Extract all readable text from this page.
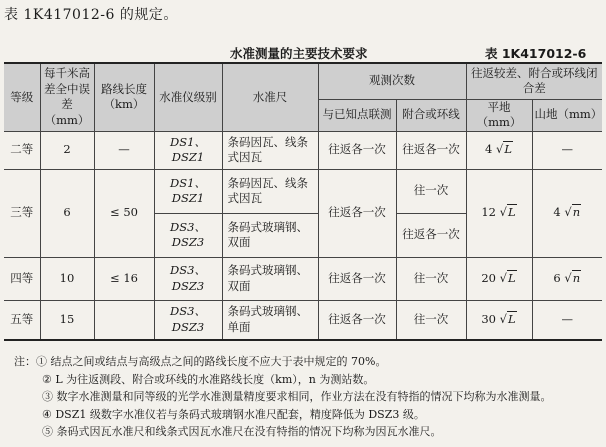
表 1K417012-6 的规定。
水准测量的主要技术要求	表 1K417012-6
等级	每千米高差全中误差（mm）	路线长度（km）	水准仪级别	水准尺	观测次数		往返较差、附合或环线闭合差	
					与已知点联测	附合或环线	平地（mm）	山地（mm）
二等	2	—	DS1、DSZ1	条码因瓦、线条式因瓦	往返各一次	往返各一次	4 √L	—
三等	6	≤ 50	DS1、DSZ1	条码因瓦、线条式因瓦	往返各一次	往一次	12 √L	4 √n
			DS3、DSZ3	条码式玻璃钢、双面		往返各一次		
四等	10	≤ 16	DS3、DSZ3	条码式玻璃钢、双面	往返各一次	往一次	20 √L	6 √n
五等	15		DS3、DSZ3	条码式玻璃钢、单面	往返各一次	往一次	30 √L	—
注：① 结点之间或结点与高级点之间的路线长度不应大于表中规定的 70%。
② L 为往返测段、附合或环线的水准路线长度（km），n 为测站数。
③ 数字水准测量和同等级的光学水准测量精度要求相同，作业方法在没有特指的情况下均称为水准测量。
④ DSZ1 级数字水准仪若与条码式玻璃钢水准尺配套，精度降低为 DSZ3 级。
⑤ 条码式因瓦水准尺和线条式因瓦水准尺在没有特指的情况下均称为因瓦水准尺。
